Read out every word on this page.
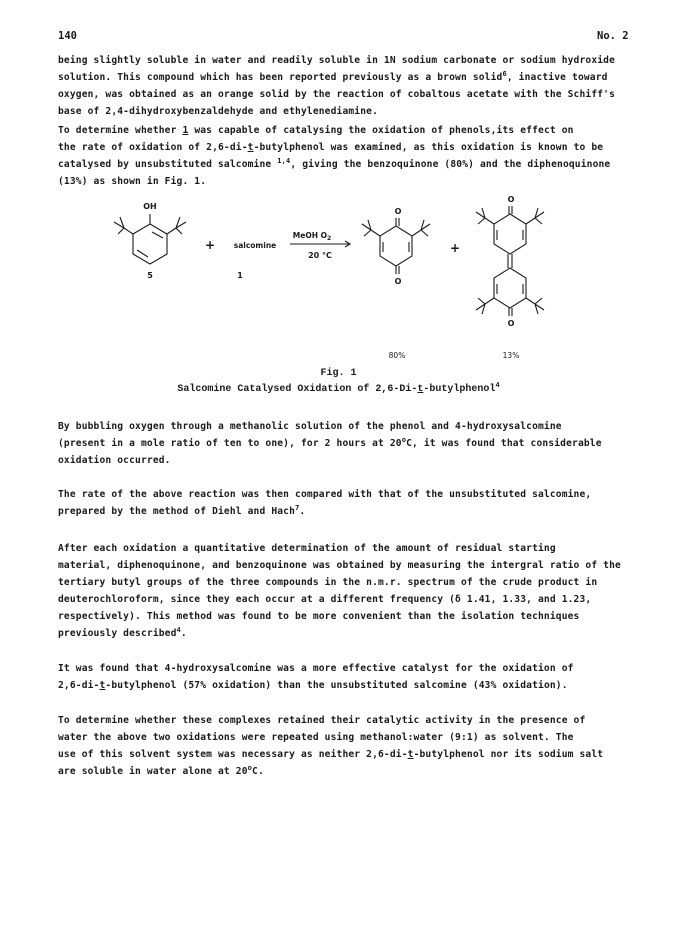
140	No. 2
being slightly soluble in water and readily soluble in 1N sodium carbonate or sodium hydroxide
solution. This compound which has been reported previously as a brown solid$^6$, inactive toward
oxygen, was obtained as an orange solid by the reaction of cobaltous acetate with the Schiff's
base of 2,4-dihydroxybenzaldehyde and ethylenediamine.
To determine whether 1 was capable of catalysing the oxidation of phenols,its effect on
the rate of oxidation of 2,6-di-t-butylphenol was examined, as this oxidation is known to be
catalysed by unsubstituted salcomine $^{1,4}$, giving the benzoquinone (80%) and the diphenoquinone
(13%) as shown in Fig. 1.
OH
+ salcomine
1
5
MeOH $O_2$
20 °C
O
O
+
O
O
80%	13%
Fig. 1
Salcomine Catalysed Oxidation of 2,6-Di-t-butylphenol$^4$
By bubbling oxygen through a methanolic solution of the phenol and 4-hydroxysalcomine
(present in a mole ratio of ten to one), for 2 hours at 20$^o$C, it was found that considerable
oxidation occurred.
The rate of the above reaction was then compared with that of the unsubstituted salcomine,
prepared by the method of Diehl and Hach$^7$.
After each oxidation a quantitative determination of the amount of residual starting
material, diphenoquinone, and benzoquinone was obtained by measuring the intergral ratio of the
tertiary butyl groups of the three compounds in the n.m.r. spectrum of the crude product in
deuterochloroform, since they each occur at a different frequency (δ 1.41, 1.33, and 1.23,
respectively). This method was found to be more convenient than the isolation techniques
previously described$^4$.
It was found that 4-hydroxysalcomine was a more effective catalyst for the oxidation of
2,6-di-t-butylphenol (57% oxidation) than the unsubstituted salcomine (43% oxidation).
To determine whether these complexes retained their catalytic activity in the presence of
water the above two oxidations were repeated using methanol:water (9:1) as solvent. The
use of this solvent system was necessary as neither 2,6-di-t-butylphenol nor its sodium salt
are soluble in water alone at 20$^o$C.
